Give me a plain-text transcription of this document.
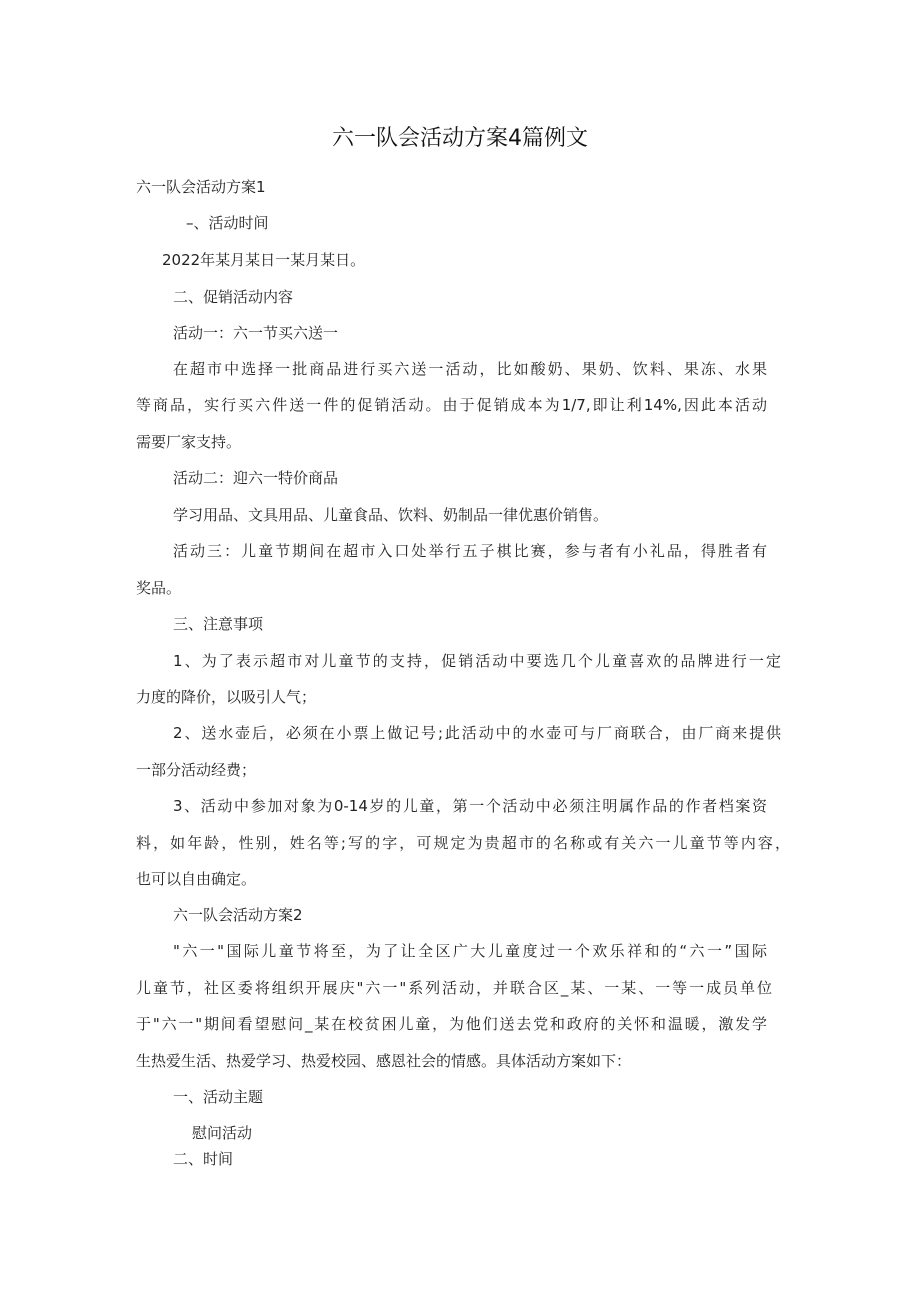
六一队会活动方案4篇例文
六一队会活动方案1
–、活动时间
2022年某月某日一某月某日。
二、促销活动内容
活动一：六一节买六送一
在超市中选择一批商品进行买六送一活动，比如酸奶、果奶、饮料、果冻、水果
等商品，实行买六件送一件的促销活动。由于促销成本为1/7,即让利14%,因此本活动
需要厂家支持。
活动二：迎六一特价商品
学习用品、文具用品、儿童食品、饮料、奶制品一律优惠价销售。
活动三：儿童节期间在超市入口处举行五子棋比赛，参与者有小礼品，得胜者有
奖品。
三、注意事项
1、为了表示超市对儿童节的支持，促销活动中要选几个儿童喜欢的品牌进行一定
力度的降价，以吸引人气；
2、送水壶后，必须在小票上做记号;此活动中的水壶可与厂商联合，由厂商来提供
一部分活动经费；
3、活动中参加对象为0-14岁的儿童，第一个活动中必须注明属作品的作者档案资
料，如年龄，性别，姓名等;写的字，可规定为贵超市的名称或有关六一儿童节等内容，
也可以自由确定。
六一队会活动方案2
"六一"国际儿童节将至，为了让全区广大儿童度过一个欢乐祥和的“六一”国际
儿童节，社区委将组织开展庆"六一"系列活动，并联合区_某、一某、一等一成员单位
于"六一"期间看望慰问_某在校贫困儿童，为他们送去党和政府的关怀和温暖，激发学
生热爱生活、热爱学习、热爱校园、感恩社会的情感。具体活动方案如下：
一、活动主题
慰问活动
二、时间
